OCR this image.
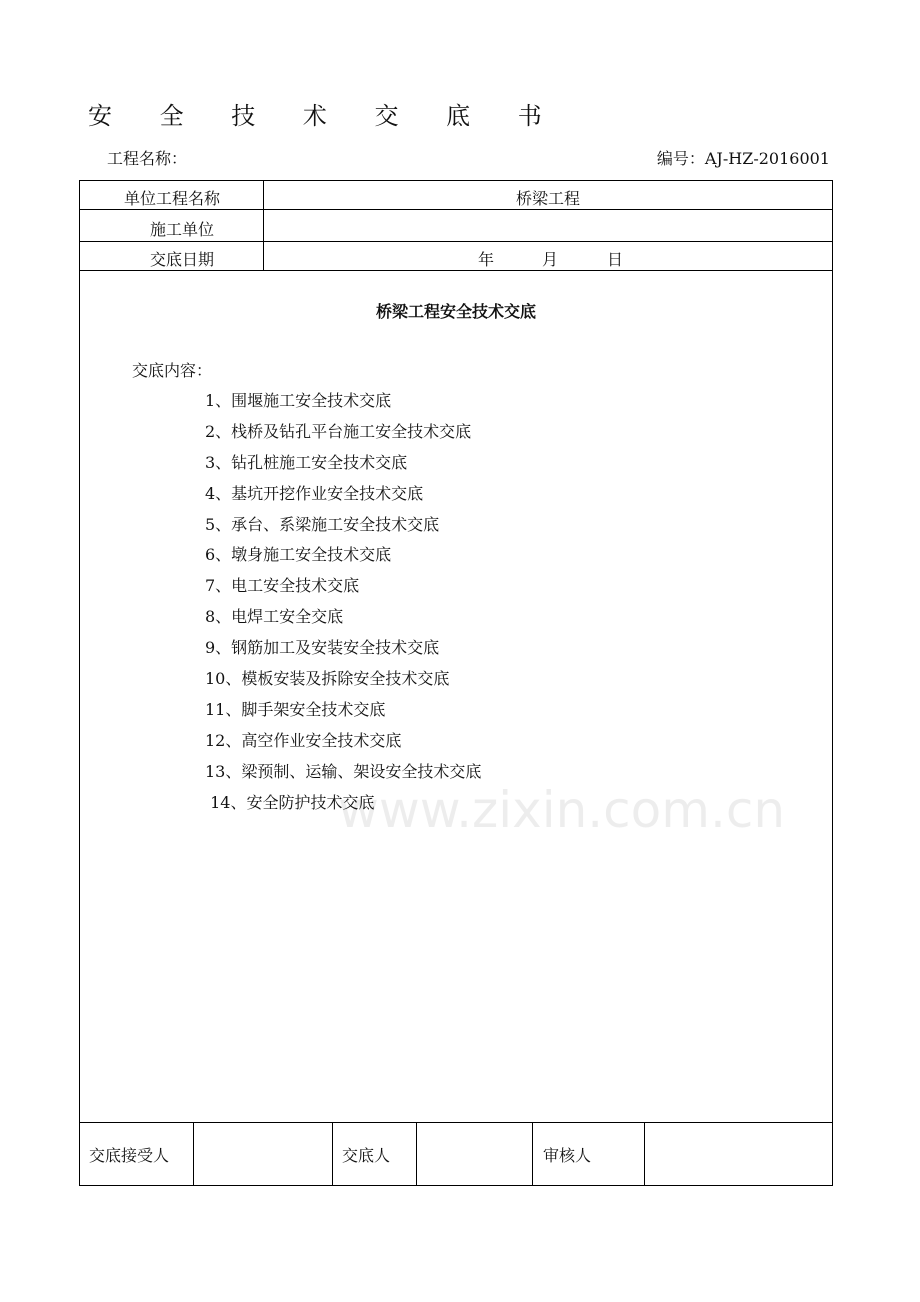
安 全 技 术 交 底 书
工程名称：	编号：AJ-HZ-2016001
单位工程名称	桥梁工程
施工单位
交底日期	年	月	日
桥梁工程安全技术交底
交底内容：
1、围堰施工安全技术交底
2、栈桥及钻孔平台施工安全技术交底
3、钻孔桩施工安全技术交底
4、基坑开挖作业安全技术交底
5、承台、系梁施工安全技术交底
6、墩身施工安全技术交底
7、电工安全技术交底
8、电焊工安全交底
9、钢筋加工及安装安全技术交底
10、模板安装及拆除安全技术交底
11、脚手架安全技术交底
12、高空作业安全技术交底
13、梁预制、运输、架设安全技术交底
14、安全防护技术交底
www.zixin.com.cn
交底接受人	交底人	审核人
